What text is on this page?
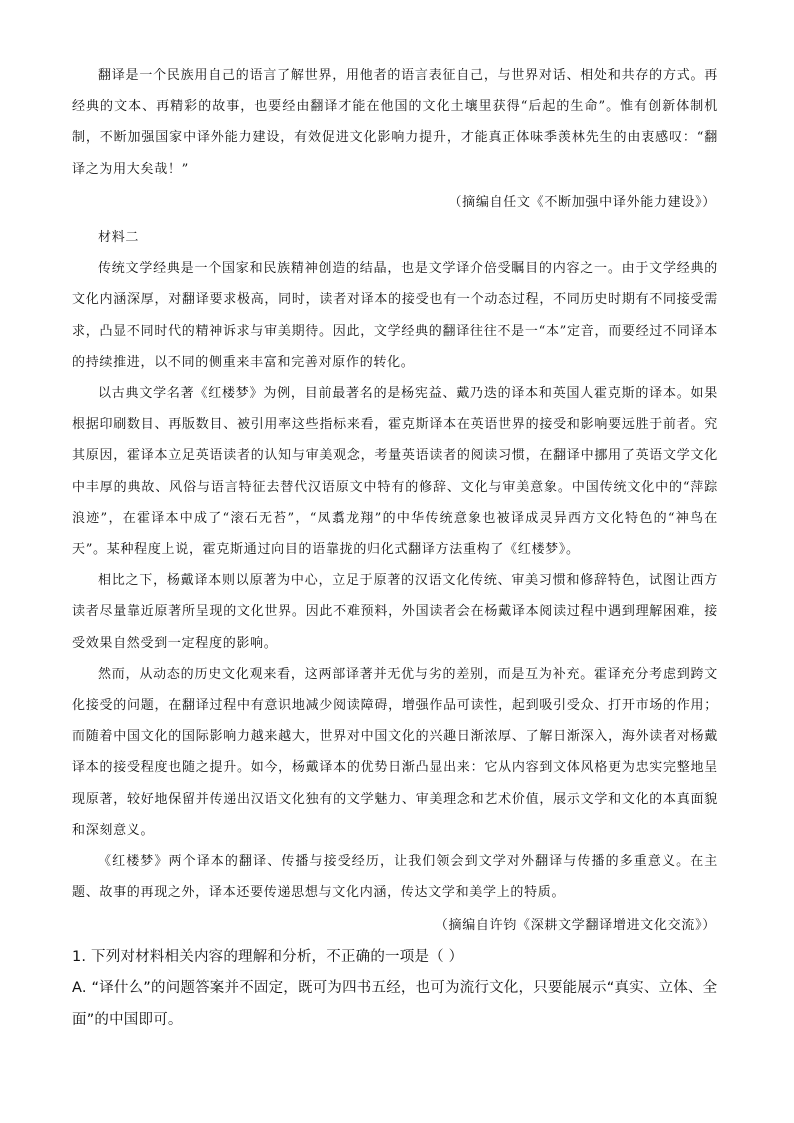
翻译是一个民族用自己的语言了解世界，用他者的语言表征自己，与世界对话、相处和共存的方式。再经典的文本、再精彩的故事，也要经由翻译才能在他国的文化土壤里获得“后起的生命”。惟有创新体制机制，不断加强国家中译外能力建设，有效促进文化影响力提升，才能真正体味季羡林先生的由衷感叹：“翻译之为用大矣哉！”

（摘编自任文《不断加强中译外能力建设》）

材料二

传统文学经典是一个国家和民族精神创造的结晶，也是文学译介倍受瞩目的内容之一。由于文学经典的文化内涵深厚，对翻译要求极高，同时，读者对译本的接受也有一个动态过程，不同历史时期有不同接受需求，凸显不同时代的精神诉求与审美期待。因此，文学经典的翻译往往不是一“本”定音，而要经过不同译本的持续推进，以不同的侧重来丰富和完善对原作的转化。

以古典文学名著《红楼梦》为例，目前最著名的是杨宪益、戴乃迭的译本和英国人霍克斯的译本。如果根据印刷数目、再版数目、被引用率这些指标来看，霍克斯译本在英语世界的接受和影响要远胜于前者。究其原因，霍译本立足英语读者的认知与审美观念，考量英语读者的阅读习惯，在翻译中挪用了英语文学文化中丰厚的典故、风俗与语言特征去替代汉语原文中特有的修辞、文化与审美意象。中国传统文化中的“萍踪浪迹”，在霍译本中成了“滚石无苔”，“凤翥龙翔”的中华传统意象也被译成灵异西方文化特色的“神鸟在天”。某种程度上说，霍克斯通过向目的语靠拢的归化式翻译方法重构了《红楼梦》。

相比之下，杨戴译本则以原著为中心，立足于原著的汉语文化传统、审美习惯和修辞特色，试图让西方读者尽量靠近原著所呈现的文化世界。因此不难预料，外国读者会在杨戴译本阅读过程中遇到理解困难，接受效果自然受到一定程度的影响。

然而，从动态的历史文化观来看，这两部译著并无优与劣的差别，而是互为补充。霍译充分考虑到跨文化接受的问题，在翻译过程中有意识地减少阅读障碍，增强作品可读性，起到吸引受众、打开市场的作用；而随着中国文化的国际影响力越来越大，世界对中国文化的兴趣日渐浓厚、了解日渐深入，海外读者对杨戴译本的接受程度也随之提升。如今，杨戴译本的优势日渐凸显出来：它从内容到文体风格更为忠实完整地呈现原著，较好地保留并传递出汉语文化独有的文学魅力、审美理念和艺术价值，展示文学和文化的本真面貌和深刻意义。

《红楼梦》两个译本的翻译、传播与接受经历，让我们领会到文学对外翻译与传播的多重意义。在主题、故事的再现之外，译本还要传递思想与文化内涵，传达文学和美学上的特质。

（摘编自许钧《深耕文学翻译增进文化交流》）

1. 下列对材料相关内容的理解和分析，不正确的一项是（ ）

A. “译什么”的问题答案并不固定，既可为四书五经，也可为流行文化，只要能展示“真实、立体、全面”的中国即可。
